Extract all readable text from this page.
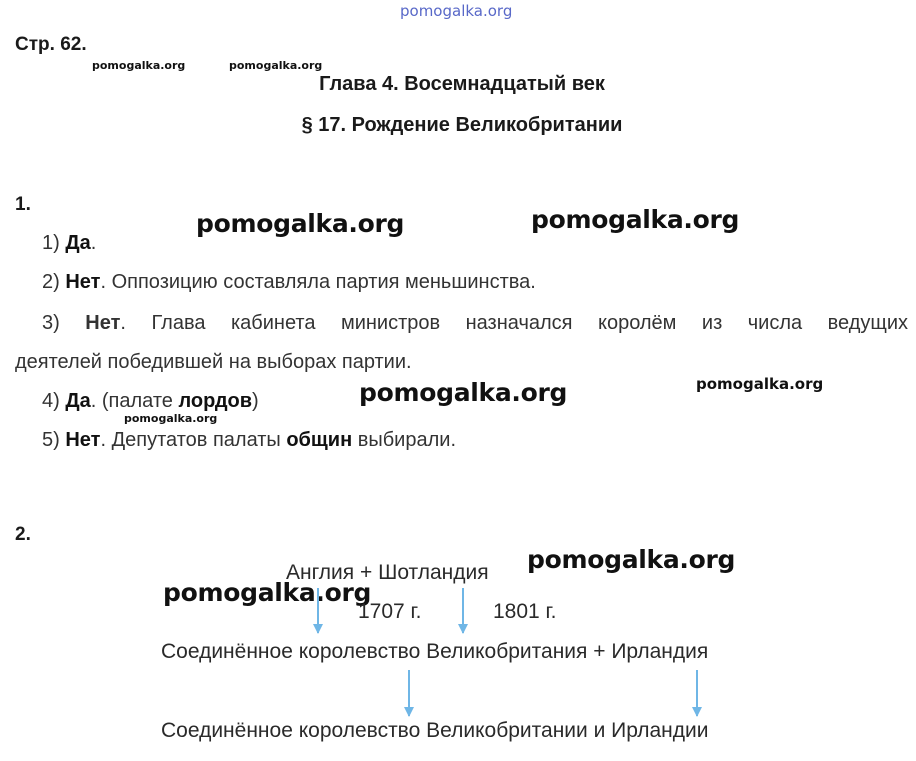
pomogalka.org
pomogalka.org	pomogalka.org
pomogalka.org	pomogalka.org
pomogalka.org
pomogalka.org
pomogalka.org
pomogalka.org
pomogalka.org
Стр. 62.
Глава 4. Восемнадцатый век
§ 17. Рождение Великобритании
1.
1) Да.
2) Нет. Оппозицию составляла партия меньшинства.
3) Нет. Глава кабинета министров назначался королём из числа ведущих
деятелей победившей на выборах партии.
4) Да. (палате лордов)
5) Нет. Депутатов палаты общин выбирали.
2.
Англия + Шотландия
1707 г.	1801 г.
Соединённое королевство Великобритания + Ирландия
Соединённое королевство Великобритании и Ирландии
